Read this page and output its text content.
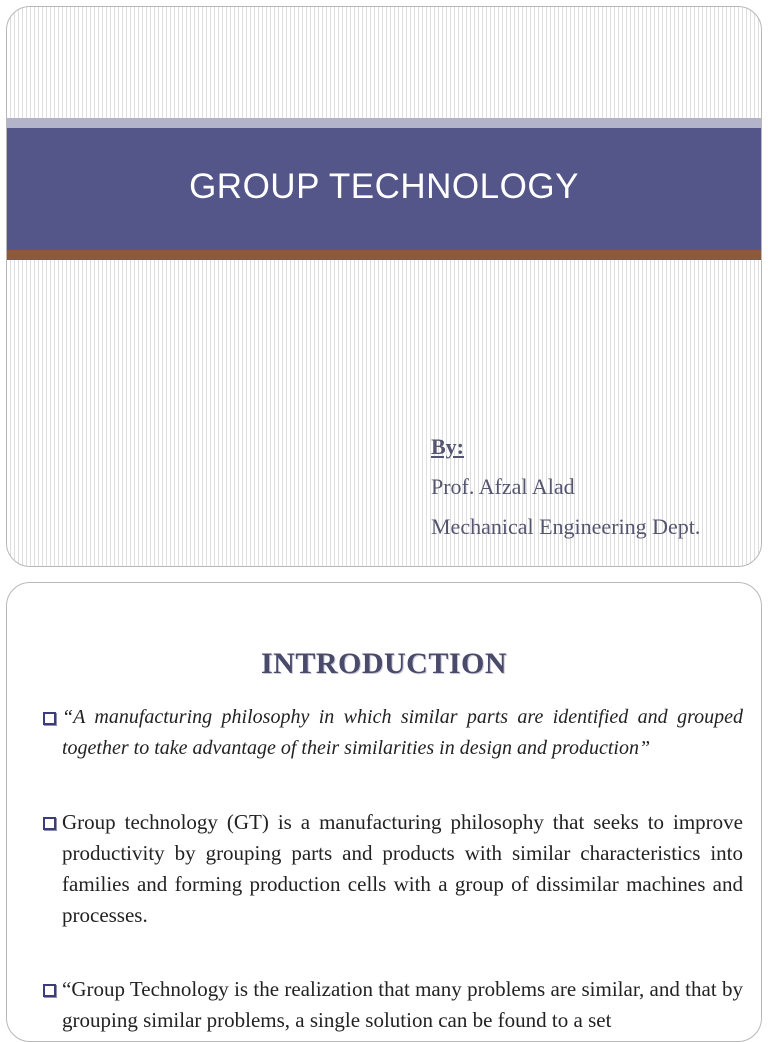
GROUP TECHNOLOGY
By:
Prof. Afzal Alad
Mechanical Engineering Dept.
INTRODUCTION
“A manufacturing philosophy in which similar parts are identified and grouped together to take advantage of their similarities in design and production”
Group technology (GT) is a manufacturing philosophy that seeks to improve productivity by grouping parts and products with similar characteristics into families and forming production cells with a group of dissimilar machines and processes.
“Group Technology is the realization that many problems are similar, and that by grouping similar problems, a single solution can be found to a set
